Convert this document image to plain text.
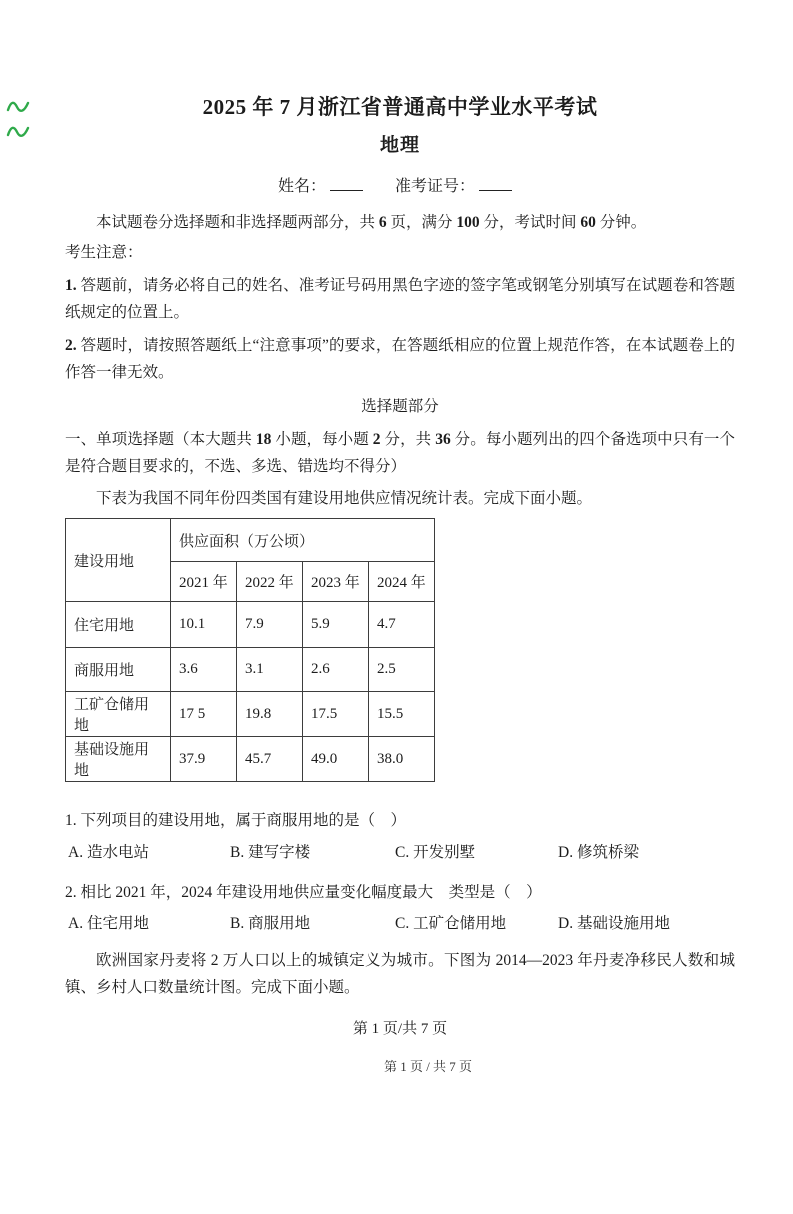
2025 年 7 月浙江省普通高中学业水平考试
地理
姓名：	准考证号：
本试题卷分选择题和非选择题两部分，共 6 页，满分 100 分，考试时间 60 分钟。
考生注意：
1. 答题前，请务必将自己的姓名、准考证号码用黑色字迹的签字笔或钢笔分别填写在试题卷和答题纸规定的位置上。
2. 答题时，请按照答题纸上“注意事项”的要求，在答题纸相应的位置上规范作答，在本试题卷上的作答一律无效。
选择题部分
一、单项选择题（本大题共 18 小题，每小题 2 分，共 36 分。每小题列出的四个备选项中只有一个是符合题目要求的，不选、多选、错选均不得分）
下表为我国不同年份四类国有建设用地供应情况统计表。完成下面小题。
建设用地	供应面积（万公顷）			
	2021 年	2022 年	2023 年	2024 年
住宅用地	10.1	7.9	5.9	4.7
商服用地	3.6	3.1	2.6	2.5
工矿仓储用地	17 5	19.8	17.5	15.5
基础设施用地	37.9	45.7	49.0	38.0
1. 下列项目的建设用地，属于商服用地的是（　）
A. 造水电站	B. 建写字楼	C. 开发别墅	D. 修筑桥梁
2. 相比 2021 年，2024 年建设用地供应量变化幅度最大　类型是（　）
A. 住宅用地	B. 商服用地	C. 工矿仓储用地	D. 基础设施用地
欧洲国家丹麦将 2 万人口以上的城镇定义为城市。下图为 2014—2023 年丹麦净移民人数和城镇、乡村人口数量统计图。完成下面小题。
第 1 页/共 7 页
第 1 页 / 共 7 页
